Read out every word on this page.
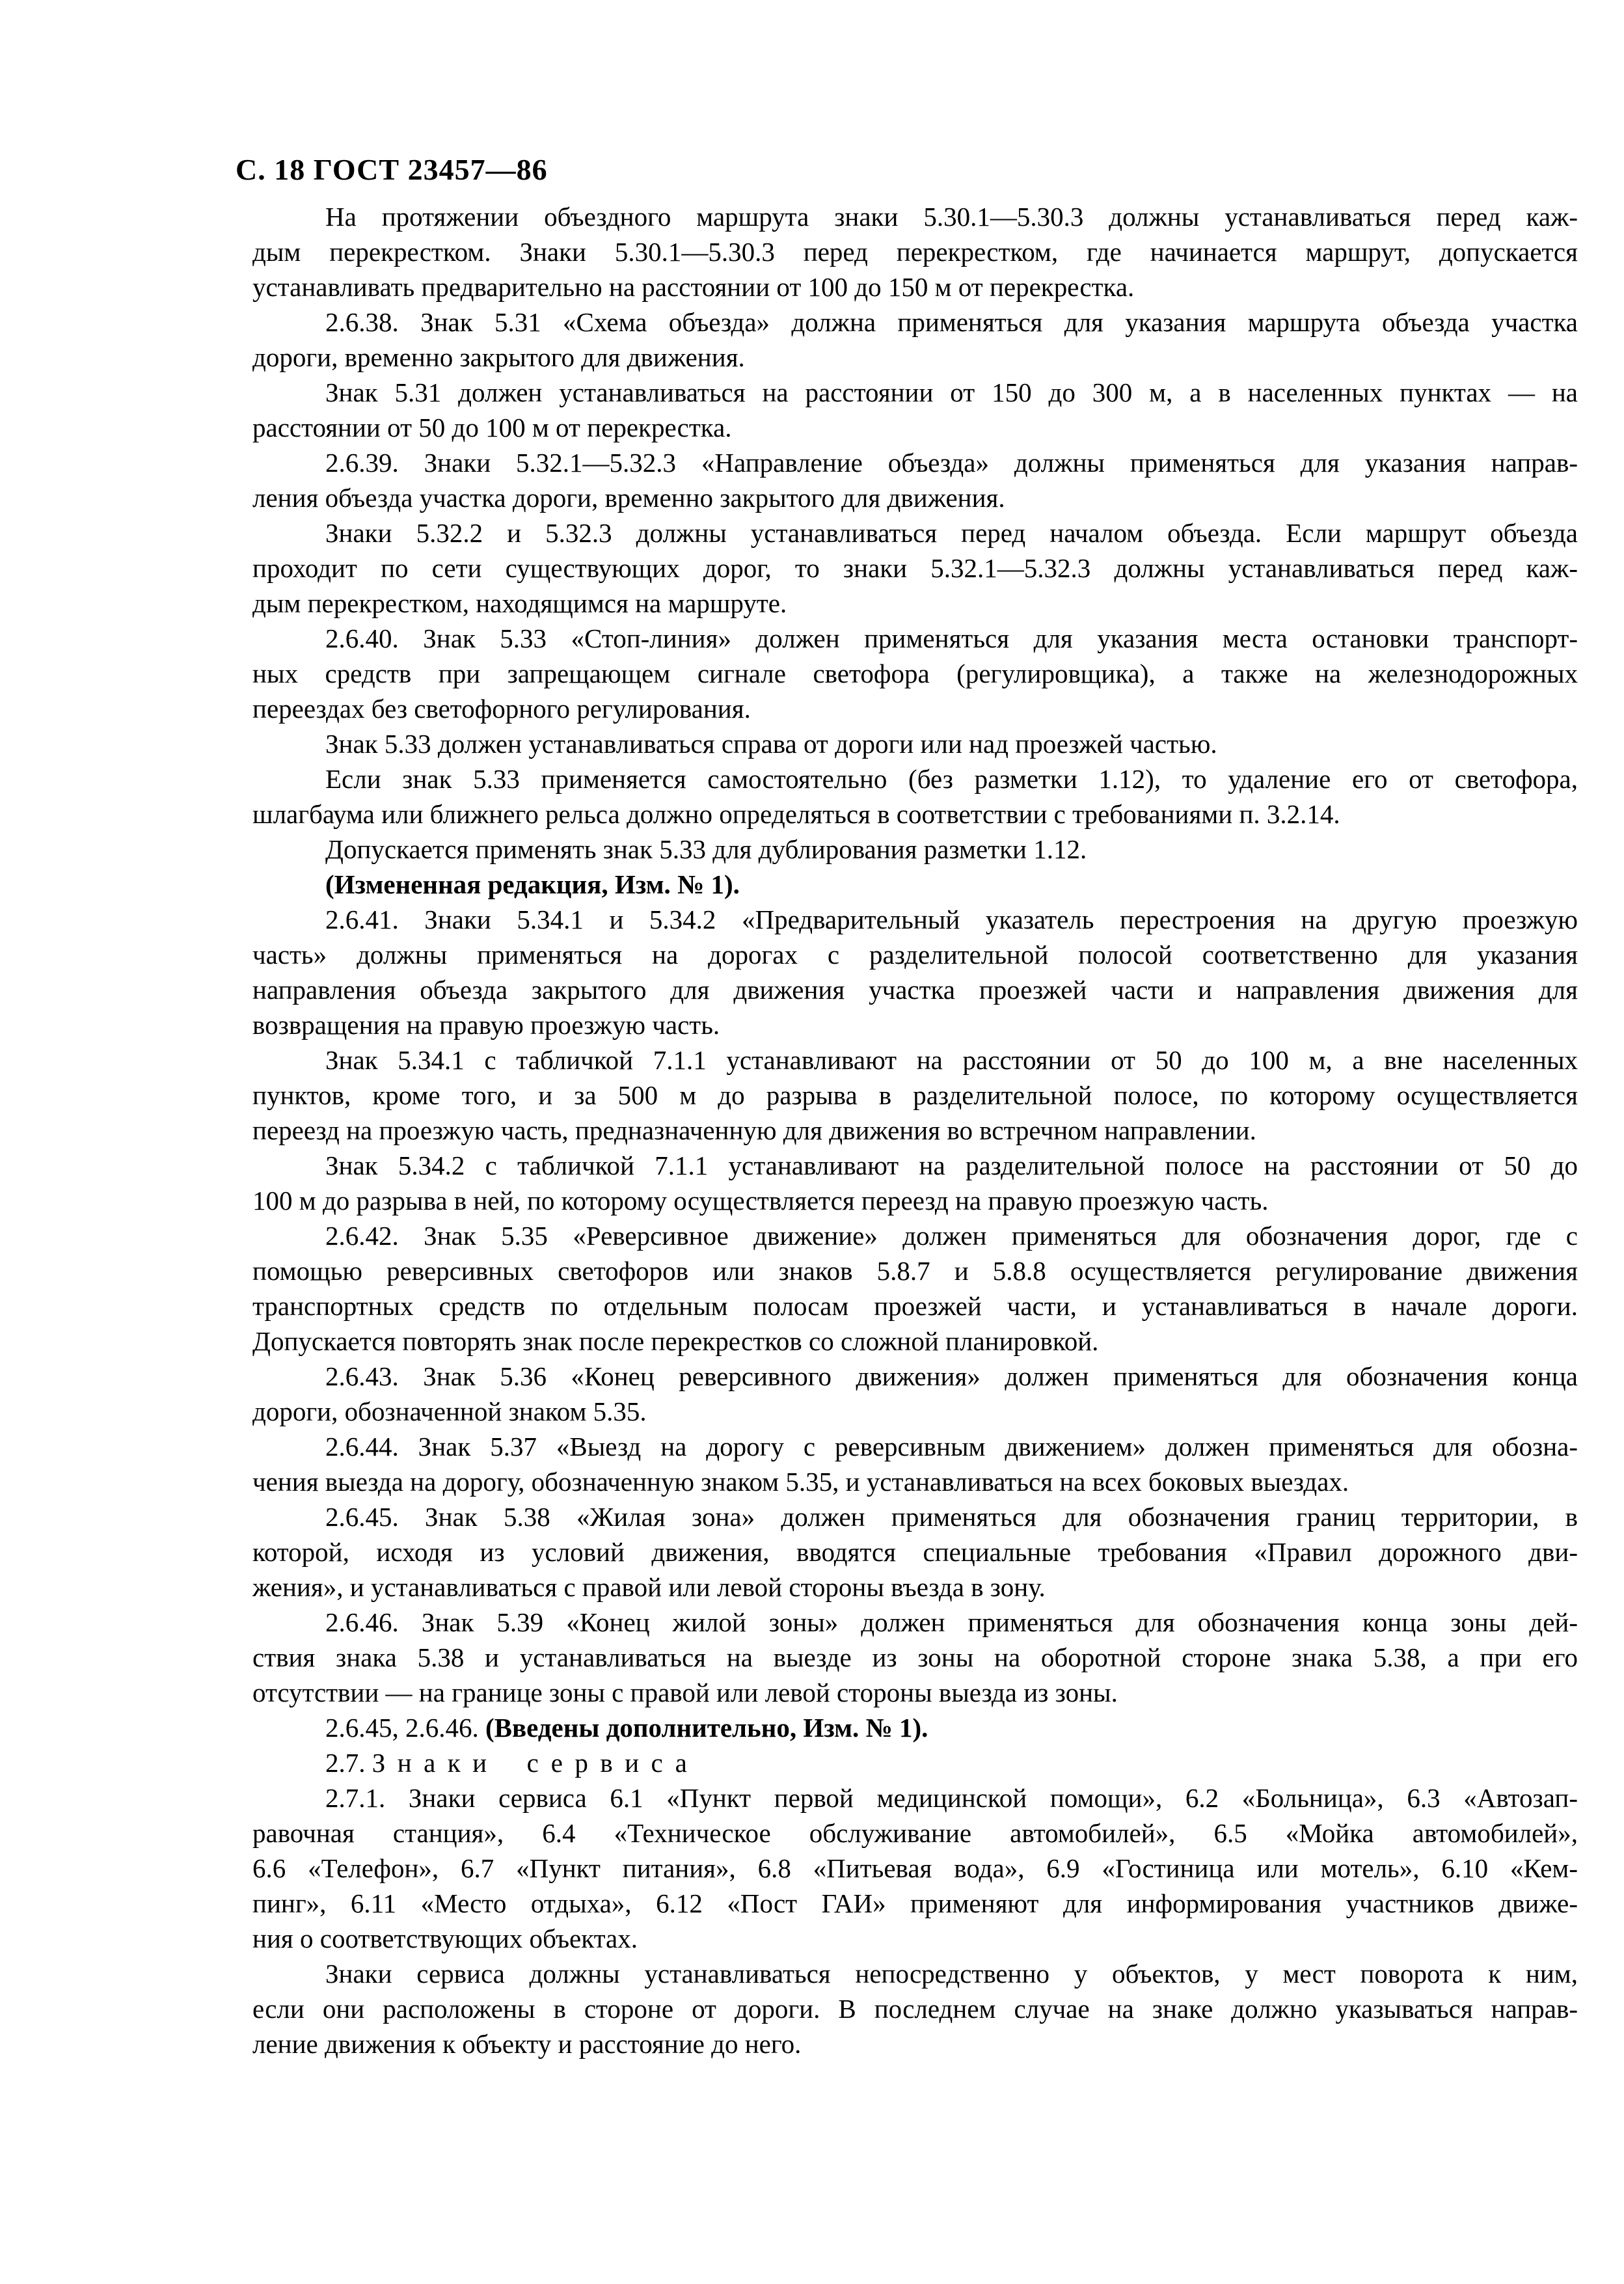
С. 18 ГОСТ 23457—86
На протяжении объездного маршрута знаки 5.30.1—5.30.3 должны устанавливаться перед каж-
дым перекрестком. Знаки 5.30.1—5.30.3 перед перекрестком, где начинается маршрут, допускается
устанавливать предварительно на расстоянии от 100 до 150 м от перекрестка.
2.6.38. Знак 5.31 «Схема объезда» должна применяться для указания маршрута объезда участка
дороги, временно закрытого для движения.
Знак 5.31 должен устанавливаться на расстоянии от 150 до 300 м, а в населенных пунктах — на
расстоянии от 50 до 100 м от перекрестка.
2.6.39. Знаки 5.32.1—5.32.3 «Направление объезда» должны применяться для указания направ-
ления объезда участка дороги, временно закрытого для движения.
Знаки 5.32.2 и 5.32.3 должны устанавливаться перед началом объезда. Если маршрут объезда
проходит по сети существующих дорог, то знаки 5.32.1—5.32.3 должны устанавливаться перед каж-
дым перекрестком, находящимся на маршруте.
2.6.40. Знак 5.33 «Стоп-линия» должен применяться для указания места остановки транспорт-
ных средств при запрещающем сигнале светофора (регулировщика), а также на железнодорожных
переездах без светофорного регулирования.
Знак 5.33 должен устанавливаться справа от дороги или над проезжей частью.
Если знак 5.33 применяется самостоятельно (без разметки 1.12), то удаление его от светофора,
шлагбаума или ближнего рельса должно определяться в соответствии с требованиями п. 3.2.14.
Допускается применять знак 5.33 для дублирования разметки 1.12.
(Измененная редакция, Изм. № 1).
2.6.41. Знаки 5.34.1 и 5.34.2 «Предварительный указатель перестроения на другую проезжую
часть» должны применяться на дорогах с разделительной полосой соответственно для указания
направления объезда закрытого для движения участка проезжей части и направления движения для
возвращения на правую проезжую часть.
Знак 5.34.1 с табличкой 7.1.1 устанавливают на расстоянии от 50 до 100 м, а вне населенных
пунктов, кроме того, и за 500 м до разрыва в разделительной полосе, по которому осуществляется
переезд на проезжую часть, предназначенную для движения во встречном направлении.
Знак 5.34.2 с табличкой 7.1.1 устанавливают на разделительной полосе на расстоянии от 50 до
100 м до разрыва в ней, по которому осуществляется переезд на правую проезжую часть.
2.6.42. Знак 5.35 «Реверсивное движение» должен применяться для обозначения дорог, где с
помощью реверсивных светофоров или знаков 5.8.7 и 5.8.8 осуществляется регулирование движения
транспортных средств по отдельным полосам проезжей части, и устанавливаться в начале дороги.
Допускается повторять знак после перекрестков со сложной планировкой.
2.6.43. Знак 5.36 «Конец реверсивного движения» должен применяться для обозначения конца
дороги, обозначенной знаком 5.35.
2.6.44. Знак 5.37 «Выезд на дорогу с реверсивным движением» должен применяться для обозна-
чения выезда на дорогу, обозначенную знаком 5.35, и устанавливаться на всех боковых выездах.
2.6.45. Знак 5.38 «Жилая зона» должен применяться для обозначения границ территории, в
которой, исходя из условий движения, вводятся специальные требования «Правил дорожного дви-
жения», и устанавливаться с правой или левой стороны въезда в зону.
2.6.46. Знак 5.39 «Конец жилой зоны» должен применяться для обозначения конца зоны дей-
ствия знака 5.38 и устанавливаться на выезде из зоны на оборотной стороне знака 5.38, а при его
отсутствии — на границе зоны с правой или левой стороны выезда из зоны.
2.6.45, 2.6.46. (Введены дополнительно, Изм. № 1).
2.7. Знаки сервиса
2.7.1. Знаки сервиса 6.1 «Пункт первой медицинской помощи», 6.2 «Больница», 6.3 «Автозап-
равочная станция», 6.4 «Техническое обслуживание автомобилей», 6.5 «Мойка автомобилей»,
6.6 «Телефон», 6.7 «Пункт питания», 6.8 «Питьевая вода», 6.9 «Гостиница или мотель», 6.10 «Кем-
пинг», 6.11 «Место отдыха», 6.12 «Пост ГАИ» применяют для информирования участников движе-
ния о соответствующих объектах.
Знаки сервиса должны устанавливаться непосредственно у объектов, у мест поворота к ним,
если они расположены в стороне от дороги. В последнем случае на знаке должно указываться направ-
ление движения к объекту и расстояние до него.
